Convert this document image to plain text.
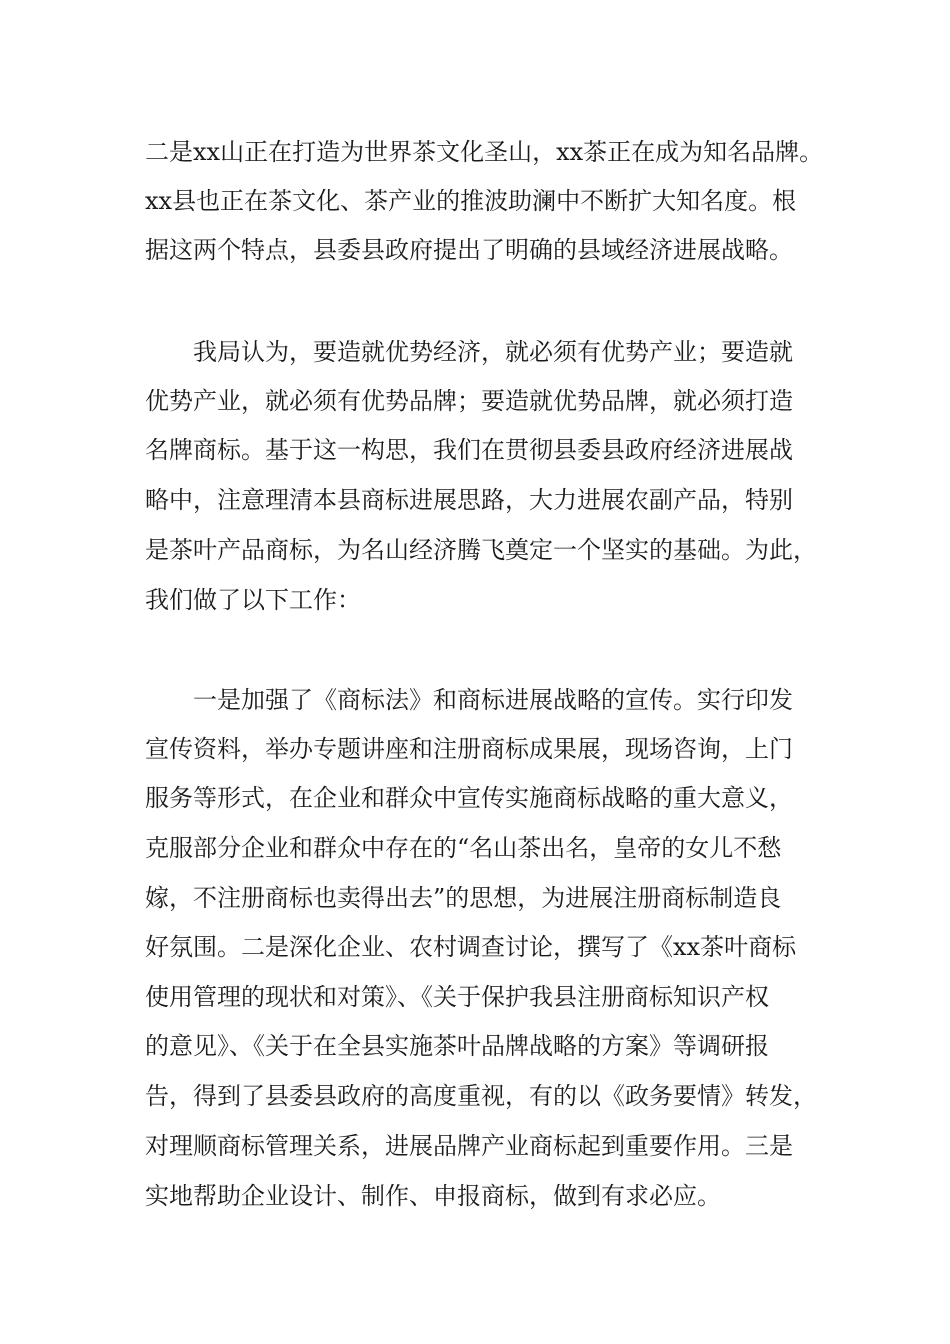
二是xx山正在打造为世界茶文化圣山，xx茶正在成为知名品牌。
xx县也正在茶文化、茶产业的推波助澜中不断扩大知名度。根
据这两个特点，县委县政府提出了明确的县域经济进展战略。
我局认为，要造就优势经济，就必须有优势产业；要造就
优势产业，就必须有优势品牌；要造就优势品牌，就必须打造
名牌商标。基于这一构思，我们在贯彻县委县政府经济进展战
略中，注意理清本县商标进展思路，大力进展农副产品，特别
是茶叶产品商标，为名山经济腾飞奠定一个坚实的基础。为此，
我们做了以下工作：
一是加强了《商标法》和商标进展战略的宣传。实行印发
宣传资料，举办专题讲座和注册商标成果展，现场咨询，上门
服务等形式，在企业和群众中宣传实施商标战略的重大意义，
克服部分企业和群众中存在的“名山茶出名，皇帝的女儿不愁
嫁，不注册商标也卖得出去”的思想，为进展注册商标制造良
好氛围。二是深化企业、农村调查讨论，撰写了《xx茶叶商标
使用管理的现状和对策》、《关于保护我县注册商标知识产权
的意见》、《关于在全县实施茶叶品牌战略的方案》等调研报
告，得到了县委县政府的高度重视，有的以《政务要情》转发，
对理顺商标管理关系，进展品牌产业商标起到重要作用。三是
实地帮助企业设计、制作、申报商标，做到有求必应。
